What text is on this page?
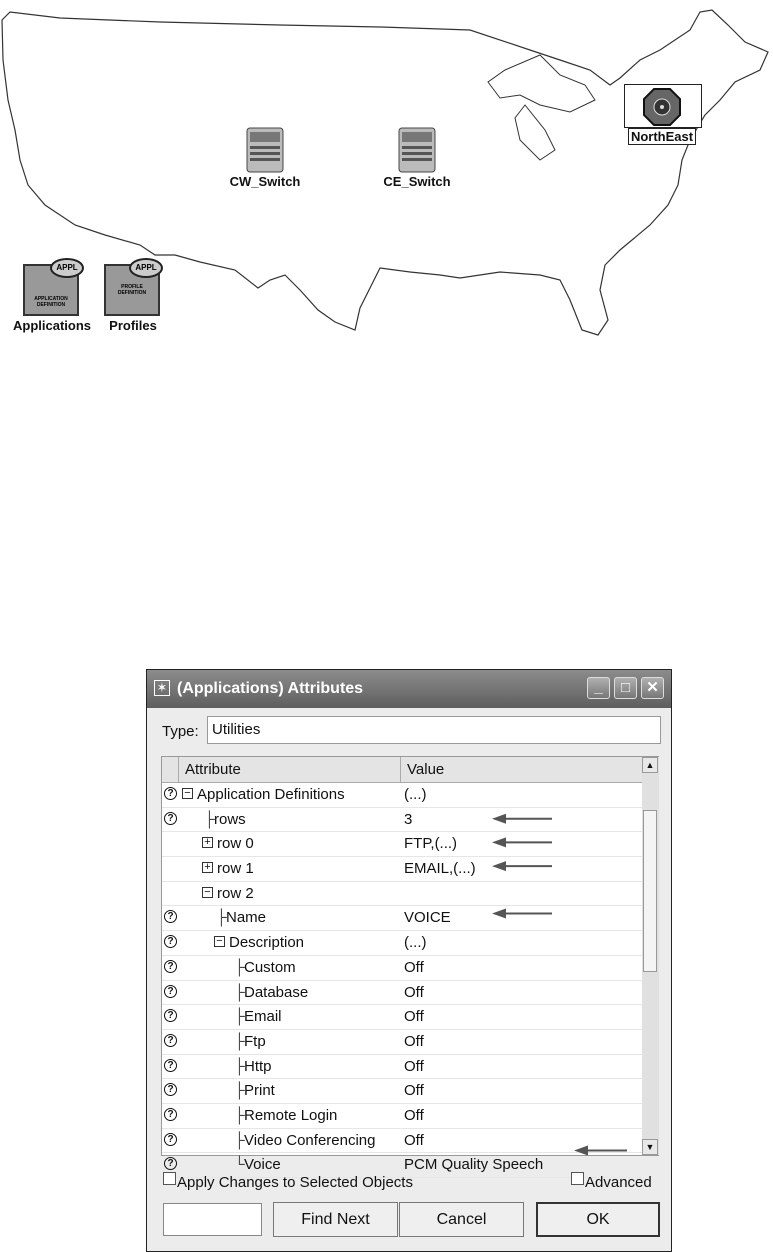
CW_Switch	CE_Switch
NorthEast
APPL
APPLICATION DEFINITION
Applications
APPL
PROFILE DEFINITION
Profiles
✶ (Applications) Attributes	_	□	✕
Type: Utilities
Attribute	Value
? − Application Definitions	(...)
? ├ rows	3
+ row 0	FTP,(...)
+ row 1	EMAIL,(...)
− row 2
?	├ Name	VOICE
?	− Description	(...)
?	├ Custom	Off
?	├ Database	Off
?	├ Email	Off
?	├ Ftp	Off
?	├ Http	Off
?	├ Print	Off
?	├ Remote Login	Off
?	├ Video Conferencing Off
?	└ Voice	PCM Quality Speech
▲
▼
Apply Changes to Selected Objects	Advanced
Find Next	Cancel	OK
